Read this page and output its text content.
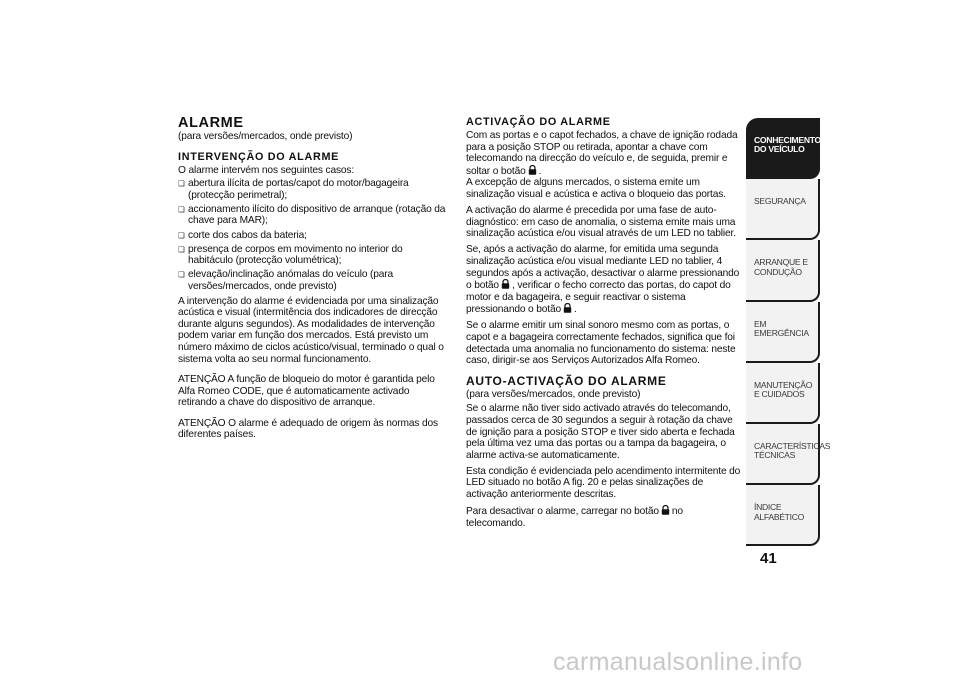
ALARME
(para versões/mercados, onde previsto)
INTERVENÇÃO DO ALARME

O alarme intervém nos seguintes casos:

❏ abertura ilícita de portas/capot do motor/bagageira (protecção perimetral);
❏ accionamento ilícito do dispositivo de arranque (rotação da chave para MAR);
❏ corte dos cabos da bateria;
❏ presença de corpos em movimento no interior do habitáculo (protecção volumétrica);
❏ elevação/inclinação anómalas do veículo (para versões/mercados, onde previsto)

A intervenção do alarme é evidenciada por uma sinalização acústica e visual (intermitência dos indicadores de direcção durante alguns segundos). As modalidades de intervenção podem variar em função dos mercados. Está previsto um número máximo de ciclos acústico/visual, terminado o qual o sistema volta ao seu normal funcionamento.

ATENÇÃO A função de bloqueio do motor é garantida pelo Alfa Romeo CODE, que é automaticamente activado retirando a chave do dispositivo de arranque.

ATENÇÃO O alarme é adequado de origem às normas dos diferentes países.

ACTIVAÇÃO DO ALARME

Com as portas e o capot fechados, a chave de ignição rodada para a posição STOP ou retirada, apontar a chave com telecomando na direcção do veículo e, de seguida, premir e soltar o botão .
A excepção de alguns mercados, o sistema emite um sinalização visual e acústica e activa o bloqueio das portas.

A activação do alarme é precedida por uma fase de auto-diagnóstico: em caso de anomalia, o sistema emite mais uma sinalização acústica e/ou visual através de um LED no tablier.

Se, após a activação do alarme, for emitida uma segunda sinalização acústica e/ou visual mediante LED no tablier, 4 segundos após a activação, desactivar o alarme pressionando o botão , verificar o fecho correcto das portas, do capot do motor e da bagageira, e seguir reactivar o sistema pressionando o botão .

Se o alarme emitir um sinal sonoro mesmo com as portas, o capot e a bagageira correctamente fechados, significa que foi detectada uma anomalia no funcionamento do sistema: neste caso, dirigir-se aos Serviços Autorizados Alfa Romeo.

AUTO-ACTIVAÇÃO DO ALARME
(para versões/mercados, onde previsto)

Se o alarme não tiver sido activado através do telecomando, passados cerca de 30 segundos a seguir à rotação da chave de ignição para a posição STOP e tiver sido aberta e fechada pela última vez uma das portas ou a tampa da bagageira, o alarme activa-se automaticamente.

Esta condição é evidenciada pelo acendimento intermitente do LED situado no botão A fig. 20 e pelas sinalizações de activação anteriormente descritas.

Para desactivar o alarme, carregar no botão no telecomando.

CONHECIMENTO DO VEÍCULO
SEGURANÇA
ARRANQUE E CONDUÇÃO
EM EMERGÊNCIA
MANUTENÇÃO E CUIDADOS
CARACTERÍSTICAS TÉCNICAS
ÍNDICE ALFABÉTICO
41
carmanualsonline.info
